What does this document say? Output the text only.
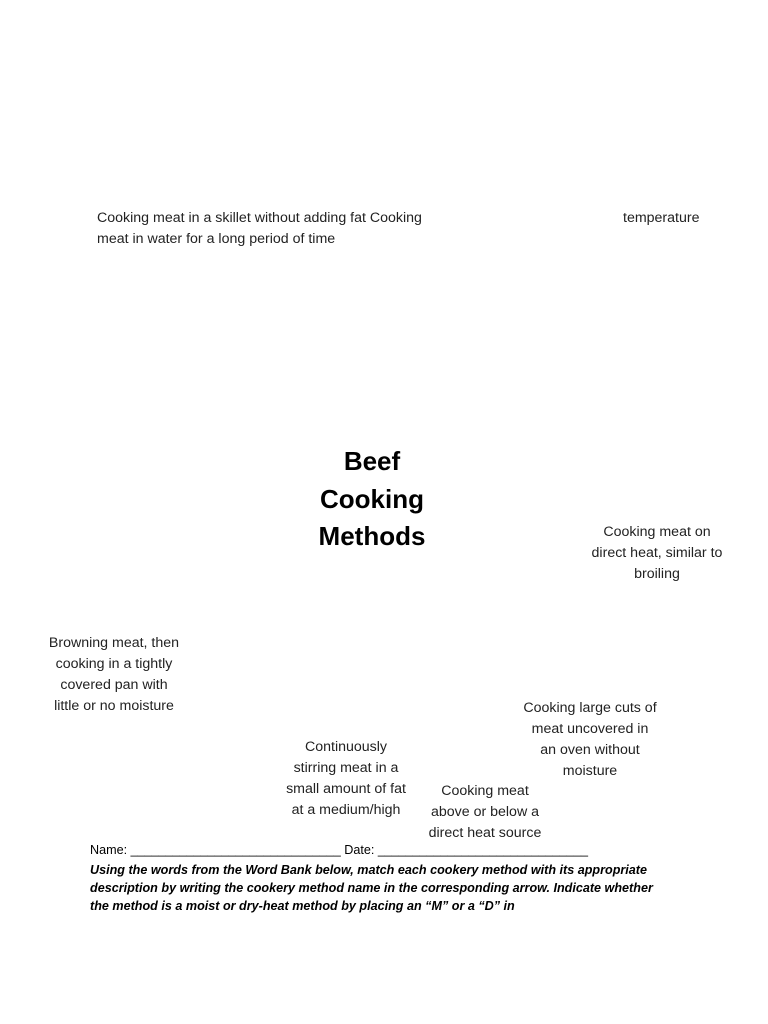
Cooking meat in a skillet without adding fat Cooking meat in water for a long period of time
temperature
Beef
Cooking
Methods	Cooking meat on direct heat, similar to broiling
Browning meat, then cooking in a tightly covered pan with little or no moisture	Cooking large cuts of meat uncovered in an oven without moisture
Continuously stirring meat in a small amount of fat at a medium/high
Cooking meat above or below a direct heat source
Name: ______________________________ Date: ______________________________
Using the words from the Word Bank below, match each cookery method with its appropriate description by writing the cookery method name in the corresponding arrow. Indicate whether the method is a moist or dry-heat method by placing an “M” or a “D” in
